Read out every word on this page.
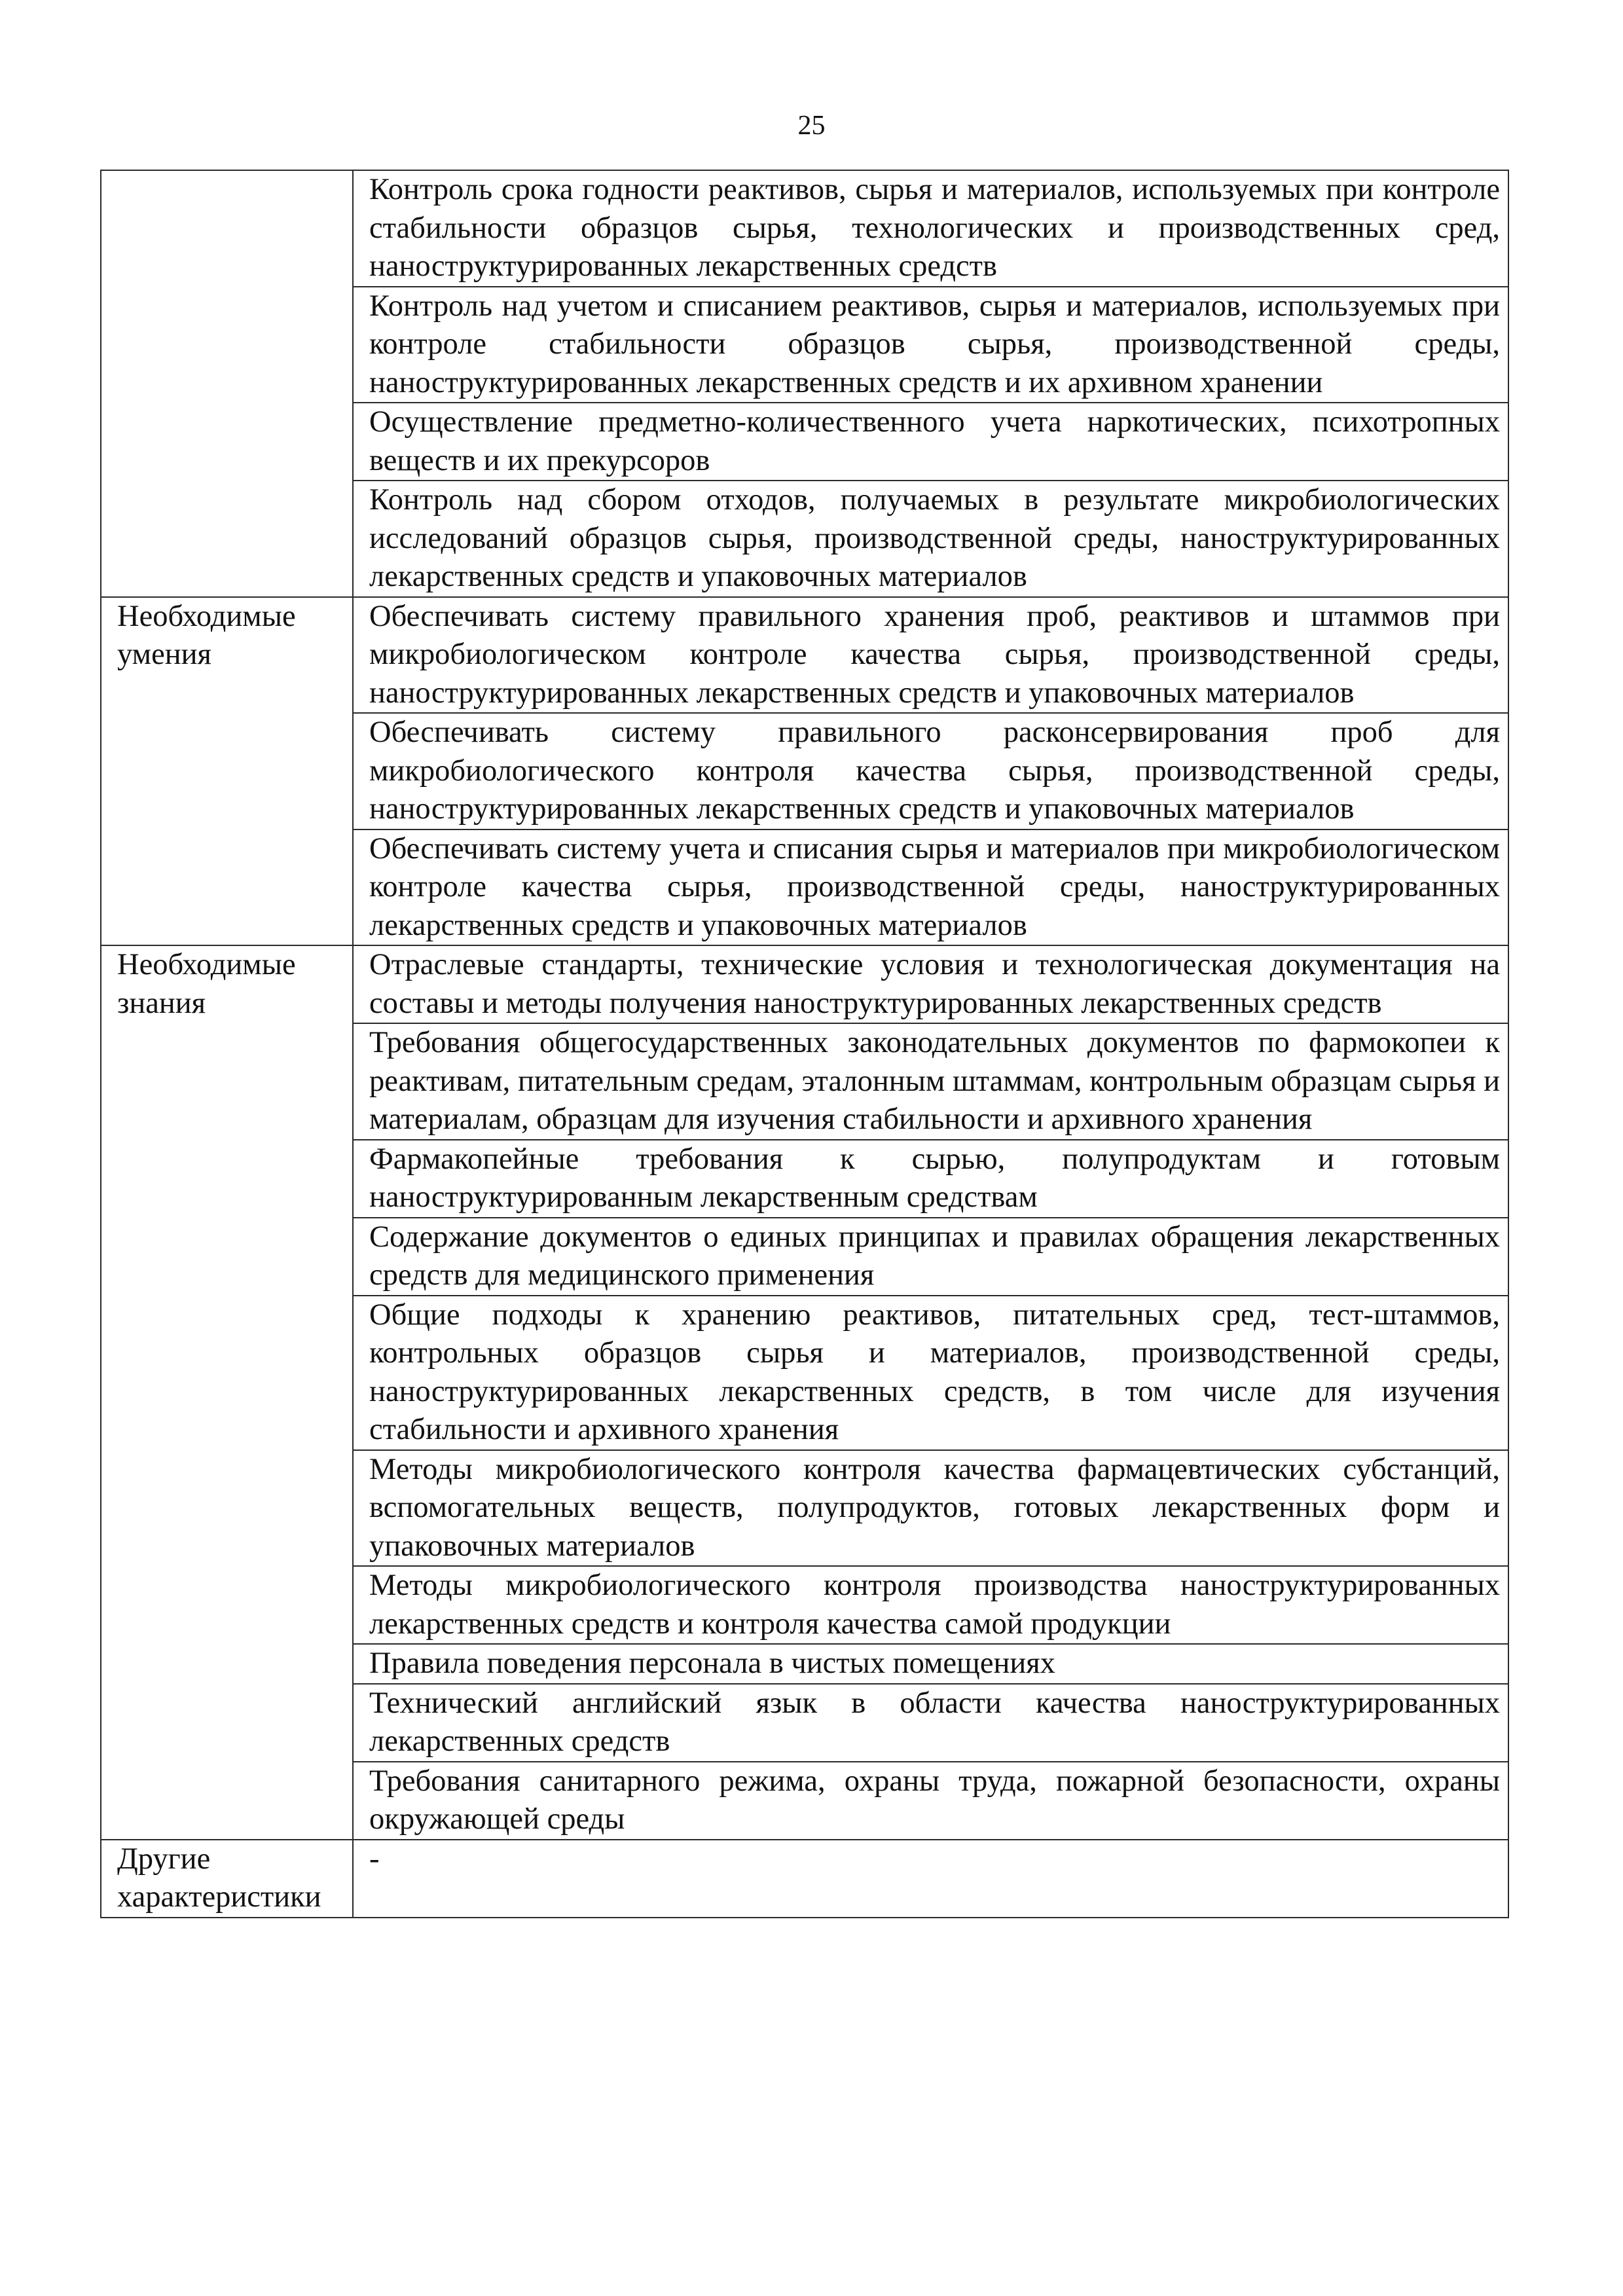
25
	Контроль срока годности реактивов, сырья и материалов, используемых при контроле стабильности образцов сырья, технологических и производственных сред, наноструктурированных лекарственных средств
	Контроль над учетом и списанием реактивов, сырья и материалов, используемых при контроле стабильности образцов сырья, производственной среды, наноструктурированных лекарственных средств и их архивном хранении
	Осуществление предметно-количественного учета наркотических, психотропных веществ и их прекурсоров
	Контроль над сбором отходов, получаемых в результате микробиологических исследований образцов сырья, производственной среды, наноструктурированных лекарственных средств и упаковочных материалов
Необходимые умения	Обеспечивать систему правильного хранения проб, реактивов и штаммов при микробиологическом контроле качества сырья, производственной среды, наноструктурированных лекарственных средств и упаковочных материалов
	Обеспечивать систему правильного расконсервирования проб для микробиологического контроля качества сырья, производственной среды, наноструктурированных лекарственных средств и упаковочных материалов
	Обеспечивать систему учета и списания сырья и материалов при микробиологическом контроле качества сырья, производственной среды, наноструктурированных лекарственных средств и упаковочных материалов
Необходимые знания	Отраслевые стандарты, технические условия и технологическая документация на составы и методы получения наноструктурированных лекарственных средств
	Требования общегосударственных законодательных документов по фармокопеи к реактивам, питательным средам, эталонным штаммам, контрольным образцам сырья и материалам, образцам для изучения стабильности и архивного хранения
	Фармакопейные требования к сырью, полупродуктам и готовым наноструктурированным лекарственным средствам
	Содержание документов о единых принципах и правилах обращения лекарственных средств для медицинского применения
	Общие подходы к хранению реактивов, питательных сред, тест-штаммов, контрольных образцов сырья и материалов, производственной среды, наноструктурированных лекарственных средств, в том числе для изучения стабильности и архивного хранения
	Методы микробиологического контроля качества фармацевтических субстанций, вспомогательных веществ, полупродуктов, готовых лекарственных форм и упаковочных материалов
	Методы микробиологического контроля производства наноструктурированных лекарственных средств и контроля качества самой продукции
	Правила поведения персонала в чистых помещениях
	Технический английский язык в области качества наноструктурированных лекарственных средств
	Требования санитарного режима, охраны труда, пожарной безопасности, охраны окружающей среды
Другие характеристики	-
